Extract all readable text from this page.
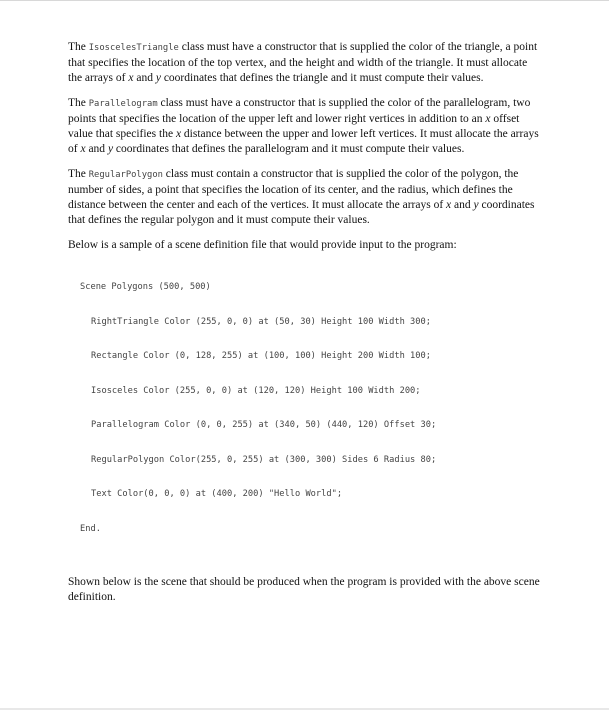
The IsoscelesTriangle class must have a constructor that is supplied the color of the triangle, a point that specifies the location of the top vertex, and the height and width of the triangle. It must allocate the arrays of x and y coordinates that defines the triangle and it must compute their values.

The Parallelogram class must have a constructor that is supplied the color of the parallelogram, two points that specifies the location of the upper left and lower right vertices in addition to an x offset value that specifies the x distance between the upper and lower left vertices. It must allocate the arrays of x and y coordinates that defines the parallelogram and it must compute their values.

The RegularPolygon class must contain a constructor that is supplied the color of the polygon, the number of sides, a point that specifies the location of its center, and the radius, which defines the distance between the center and each of the vertices. It must allocate the arrays of x and y coordinates that defines the regular polygon and it must compute their values.

Below is a sample of a scene definition file that would provide input to the program:

Scene Polygons (500, 500)

RightTriangle Color (255, 0, 0) at (50, 30) Height 100 Width 300;

Rectangle Color (0, 128, 255) at (100, 100) Height 200 Width 100;

Isosceles Color (255, 0, 0) at (120, 120) Height 100 Width 200;

Parallelogram Color (0, 0, 255) at (340, 50) (440, 120) Offset 30;

RegularPolygon Color(255, 0, 255) at (300, 300) Sides 6 Radius 80;

Text Color(0, 0, 0) at (400, 200) "Hello World";

End.

Shown below is the scene that should be produced when the program is provided with the above scene definition.
